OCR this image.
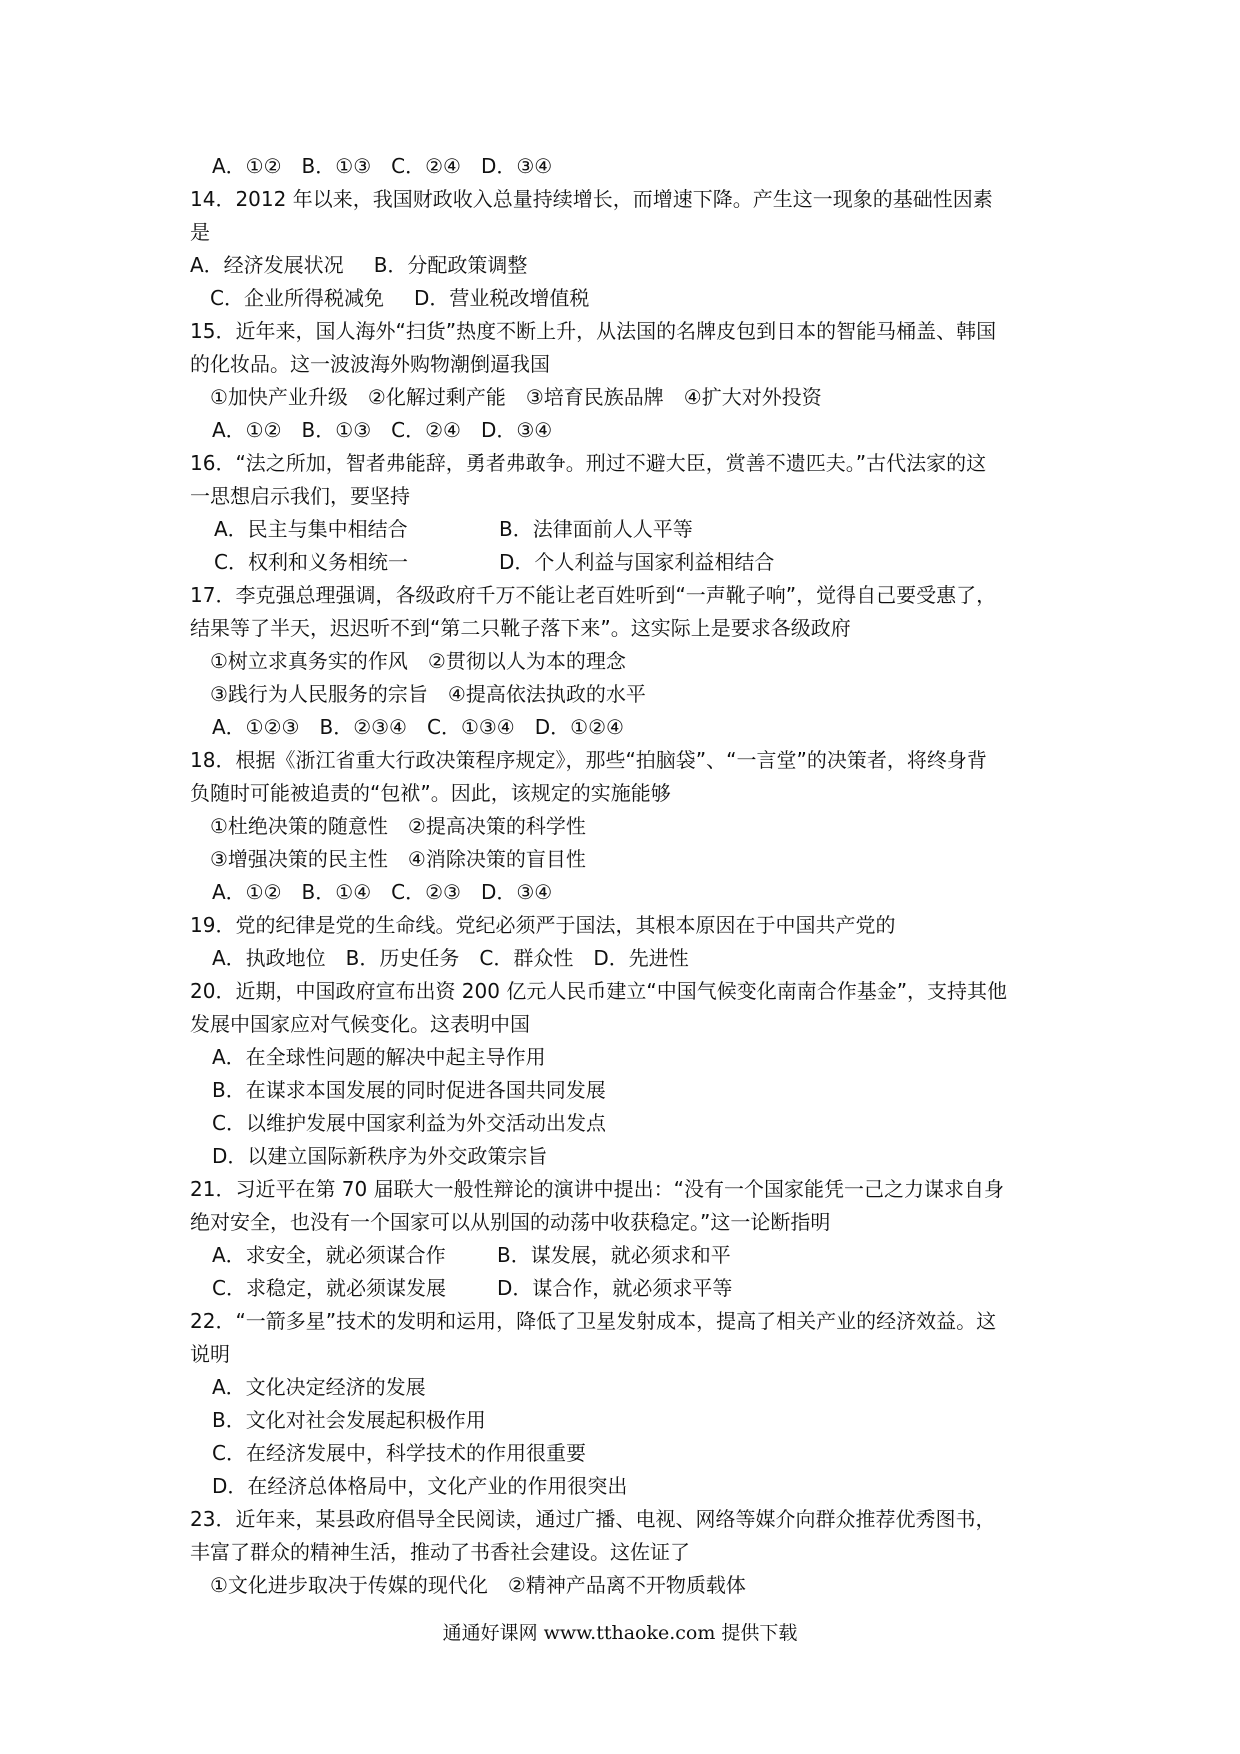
A．①②　B．①③　C．②④　D．③④
14．2012 年以来，我国财政收入总量持续增长，而增速下降。产生这一现象的基础性因素
是
A．经济发展状况 B．分配政策调整
C．企业所得税减免 D．营业税改增值税
15．近年来，国人海外“扫货”热度不断上升，从法国的名牌皮包到日本的智能马桶盖、韩国
的化妆品。这一波波海外购物潮倒逼我国
①加快产业升级　②化解过剩产能　③培育民族品牌　④扩大对外投资
A．①②　B．①③　C．②④　D．③④
16．“法之所加，智者弗能辞，勇者弗敢争。刑过不避大臣，赏善不遗匹夫。”古代法家的这
一思想启示我们，要坚持
A．民主与集中相结合	B．法律面前人人平等
C．权利和义务相统一	D．个人利益与国家利益相结合
17．李克强总理强调，各级政府千万不能让老百姓听到“一声靴子响”，觉得自己要受惠了，
结果等了半天，迟迟听不到“第二只靴子落下来”。这实际上是要求各级政府
①树立求真务实的作风　②贯彻以人为本的理念
③践行为人民服务的宗旨　④提高依法执政的水平
A．①②③　B．②③④　C．①③④　D．①②④
18．根据《浙江省重大行政决策程序规定》，那些“拍脑袋”、“一言堂”的决策者，将终身背
负随时可能被追责的“包袱”。因此，该规定的实施能够
①杜绝决策的随意性　②提高决策的科学性
③增强决策的民主性　④消除决策的盲目性
A．①②　B．①④　C．②③　D．③④
19．党的纪律是党的生命线。党纪必须严于国法，其根本原因在于中国共产党的
A．执政地位　B．历史任务　C．群众性　D．先进性
20．近期，中国政府宣布出资 200 亿元人民币建立“中国气候变化南南合作基金”，支持其他
发展中国家应对气候变化。这表明中国
A．在全球性问题的解决中起主导作用
B．在谋求本国发展的同时促进各国共同发展
C．以维护发展中国家利益为外交活动出发点
D．以建立国际新秩序为外交政策宗旨
21．习近平在第 70 届联大一般性辩论的演讲中提出：“没有一个国家能凭一己之力谋求自身
绝对安全，也没有一个国家可以从别国的动荡中收获稳定。”这一论断指明
A．求安全，就必须谋合作	B．谋发展，就必须求和平
C．求稳定，就必须谋发展	D．谋合作，就必须求平等
22．“一箭多星”技术的发明和运用，降低了卫星发射成本，提高了相关产业的经济效益。这
说明
A．文化决定经济的发展
B．文化对社会发展起积极作用
C．在经济发展中，科学技术的作用很重要
D．在经济总体格局中，文化产业的作用很突出
23．近年来，某县政府倡导全民阅读，通过广播、电视、网络等媒介向群众推荐优秀图书，
丰富了群众的精神生活，推动了书香社会建设。这佐证了
①文化进步取决于传媒的现代化　②精神产品离不开物质载体
通通好课网 www.tthaoke.com 提供下载
